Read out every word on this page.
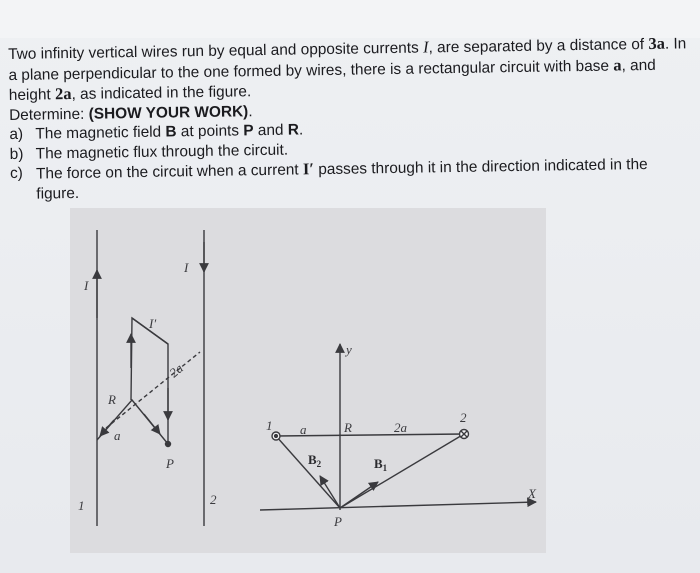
Two infinity vertical wires run by equal and opposite currents I, are separated by a distance of 3a. In a plane perpendicular to the one formed by wires, there is a rectangular circuit with base a, and height 2a, as indicated in the figure.

Determine: (SHOW YOUR WORK).

a) The magnetic field B at points P and R.
b) The magnetic flux through the circuit.
c) The force on the circuit when a current I′ passes through it in the direction indicated in the figure.
I
I
I′
R
a
2a
P
1	2
1
2
a	R	2a
y
X
$B_2$	$B_1$
P
